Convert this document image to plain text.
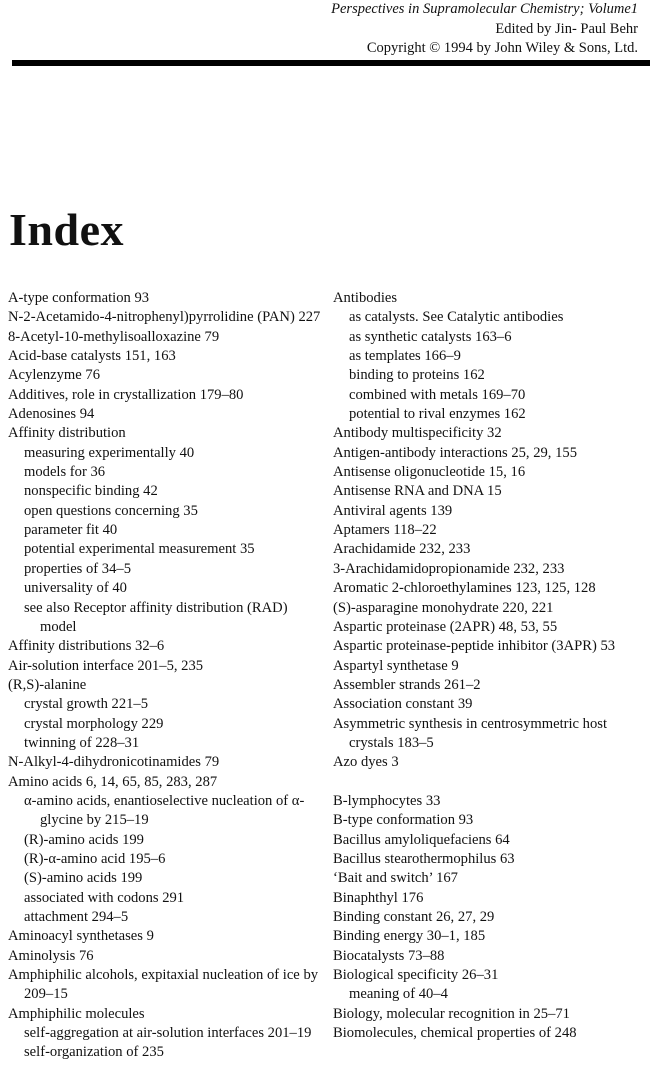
Perspectives in Supramolecular Chemistry; Volume1
Edited by Jin- Paul Behr
Copyright © 1994 by John Wiley & Sons, Ltd.
Index
A-type conformation 93
N-2-Acetamido-4-nitrophenyl)pyrrolidine (PAN) 227
8-Acetyl-10-methylisoalloxazine 79
Acid-base catalysts 151, 163
Acylenzyme 76
Additives, role in crystallization 179–80
Adenosines 94
Affinity distribution
measuring experimentally 40
models for 36
nonspecific binding 42
open questions concerning 35
parameter fit 40
potential experimental measurement 35
properties of 34–5
universality of 40
see also Receptor affinity distribution (RAD) model
Affinity distributions 32–6
Air-solution interface 201–5, 235
(R,S)-alanine
crystal growth 221–5
crystal morphology 229
twinning of 228–31
N-Alkyl-4-dihydronicotinamides 79
Amino acids 6, 14, 65, 85, 283, 287
α-amino acids, enantioselective nucleation of α-glycine by 215–19
(R)-amino acids 199
(R)-α-amino acid 195–6
(S)-amino acids 199
associated with codons 291
attachment 294–5
Aminoacyl synthetases 9
Aminolysis 76
Amphiphilic alcohols, expitaxial nucleation of ice by 209–15
Amphiphilic molecules
self-aggregation at air-solution interfaces 201–19
self-organization of 235
Antibodies
as catalysts. See Catalytic antibodies
as synthetic catalysts 163–6
as templates 166–9
binding to proteins 162
combined with metals 169–70
potential to rival enzymes 162
Antibody multispecificity 32
Antigen-antibody interactions 25, 29, 155
Antisense oligonucleotide 15, 16
Antisense RNA and DNA 15
Antiviral agents 139
Aptamers 118–22
Arachidamide 232, 233
3-Arachidamidopropionamide 232, 233
Aromatic 2-chloroethylamines 123, 125, 128
(S)-asparagine monohydrate 220, 221
Aspartic proteinase (2APR) 48, 53, 55
Aspartic proteinase-peptide inhibitor (3APR) 53
Aspartyl synthetase 9
Assembler strands 261–2
Association constant 39
Asymmetric synthesis in centrosymmetric host crystals 183–5
Azo dyes 3
B-lymphocytes 33
B-type conformation 93
Bacillus amyloliquefaciens 64
Bacillus stearothermophilus 63
‘Bait and switch’ 167
Binaphthyl 176
Binding constant 26, 27, 29
Binding energy 30–1, 185
Biocatalysts 73–88
Biological specificity 26–31
meaning of 40–4
Biology, molecular recognition in 25–71
Biomolecules, chemical properties of 248
